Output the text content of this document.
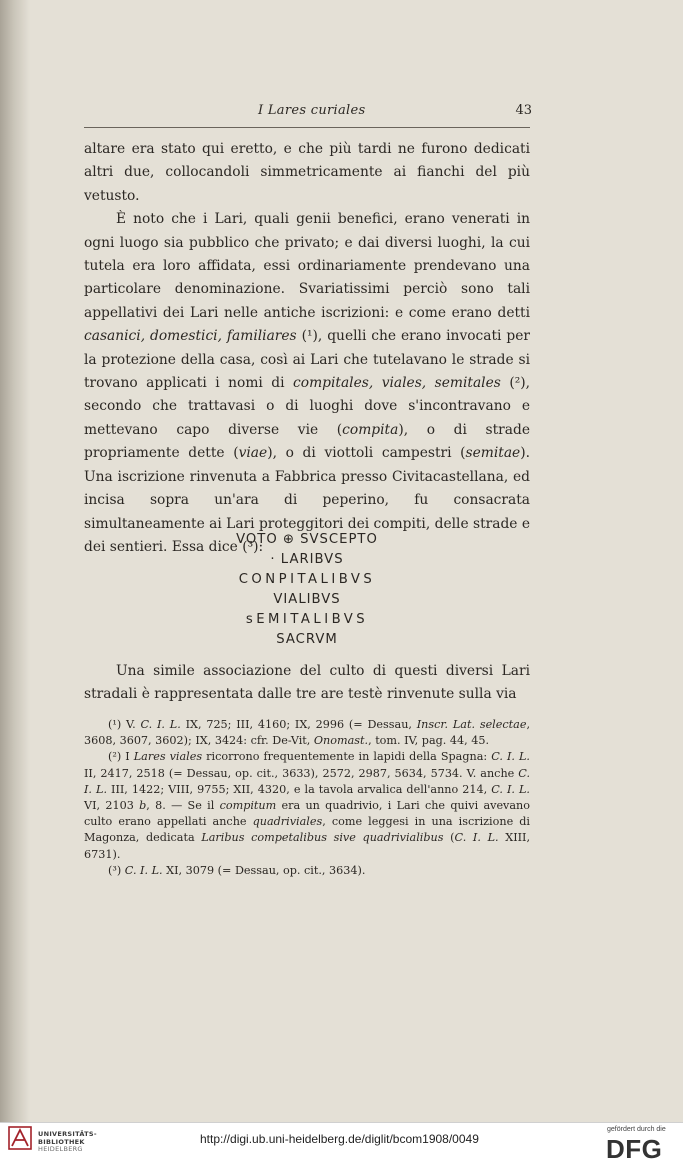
I Lares curiales	43

altare era stato qui eretto, e che più tardi ne furono dedicati altri due, collocandoli simmetricamente ai fianchi del più vetusto.

È noto che i Lari, quali genii benefici, erano venerati in ogni luogo sia pubblico che privato; e dai diversi luoghi, la cui tutela era loro affidata, essi ordinariamente prendevano una particolare denominazione. Svariatissimi perciò sono tali appellativi dei Lari nelle antiche iscrizioni: e come erano detti casanici, domestici, familiares (¹), quelli che erano invocati per la protezione della casa, così ai Lari che tutelavano le strade si trovano applicati i nomi di compitales, viales, semitales (²), secondo che trattavasi o di luoghi dove s'incontravano e mettevano capo diverse vie (compita), o di strade propriamente dette (viae), o di viottoli campestri (semitae). Una iscrizione rinvenuta a Fabbrica presso Civitacastellana, ed incisa sopra un'ara di peperino, fu consacrata simultaneamente ai Lari proteggitori dei compiti, delle strade e dei sentieri. Essa dice (³):

VOTO ⊕ SVSCEPTO
· LARIBVS
CONPITALIBVS
VIALIBVS
sEMITALIBVS
SACRVM

Una simile associazione del culto di questi diversi Lari stradali è rappresentata dalle tre are testè rinvenute sulla via

(¹) V. C. I. L. IX, 725; III, 4160; IX, 2996 (= Dessau, Inscr. Lat. selectae, 3608, 3607, 3602); IX, 3424: cfr. De-Vit, Onomast., tom. IV, pag. 44, 45.

(²) I Lares viales ricorrono frequentemente in lapidi della Spagna: C. I. L. II, 2417, 2518 (= Dessau, op. cit., 3633), 2572, 2987, 5634, 5734. V. anche C. I. L. III, 1422; VIII, 9755; XII, 4320, e la tavola arvalica dell'anno 214, C. I. L. VI, 2103 b, 8. — Se il compitum era un quadrivio, i Lari che quivi avevano culto erano appellati anche quadriviales, come leggesi in una iscrizione di Magonza, dedicata Laribus competalibus sive quadrivialibus (C. I. L. XIII, 6731).

(³) C. I. L. XI, 3079 (= Dessau, op. cit., 3634).

UNIVERSITÄTS-
BIBLIOTHEK
HEIDELBERG
http://digi.ub.uni-heidelberg.de/diglit/bcom1908/0049
gefördert durch die
DFG
